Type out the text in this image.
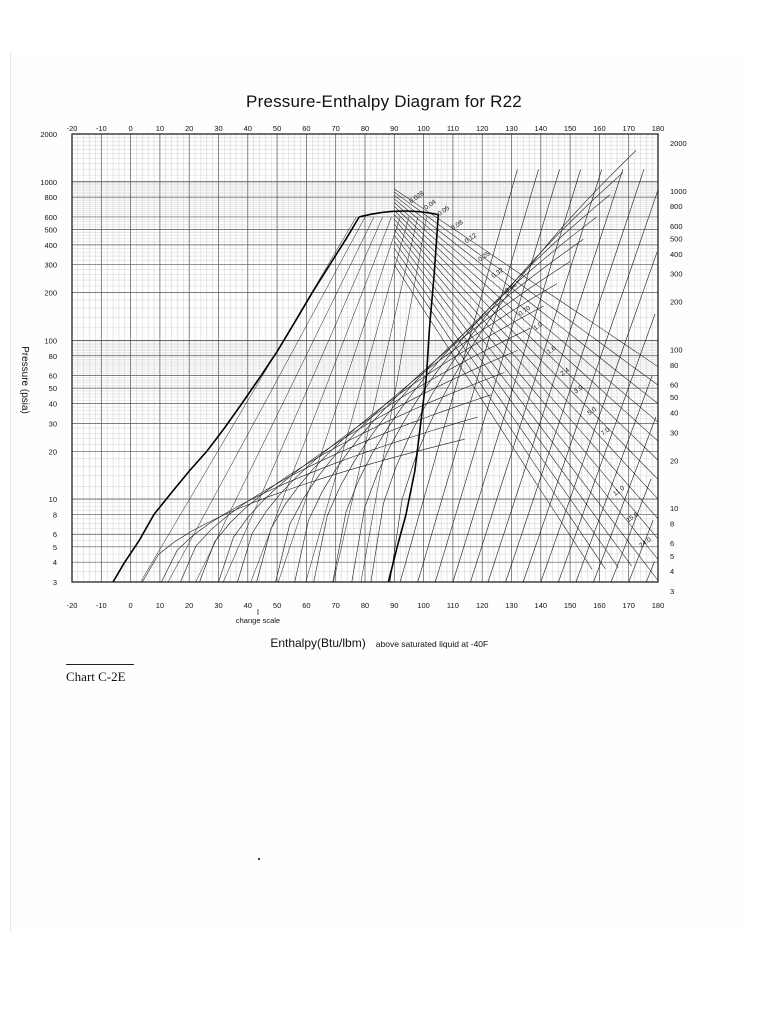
Pressure-Enthalpy Diagram for R22
-20 -10	0	10	20	30	40	50	60	70	80	90	100 110 120 130 140 150 160 170 180
-20 -10	0	10	20	30	40	50	60	70	80	90	100 110 120 130 140 150 160 170 180
2000
1000
800
600
500
400
300
200
100
80
60
50
40
30
20
10
8
6
5
4
3
2000
1000
800
600
500
400
300
200
100
80
60
50
40
30
20
10
8
6
5
4
3
0.028
0.04 0.05
0.08
0.12
0.25
0.32
0.45
0.70
1.0
1.6
2.4
3.0
5.0
7.0
11.0
15.6
24.0
I
change scale
Pressure (psia)
Enthalpy(Btu/lbm) above saturated liquid at -40F
Chart C-2E
